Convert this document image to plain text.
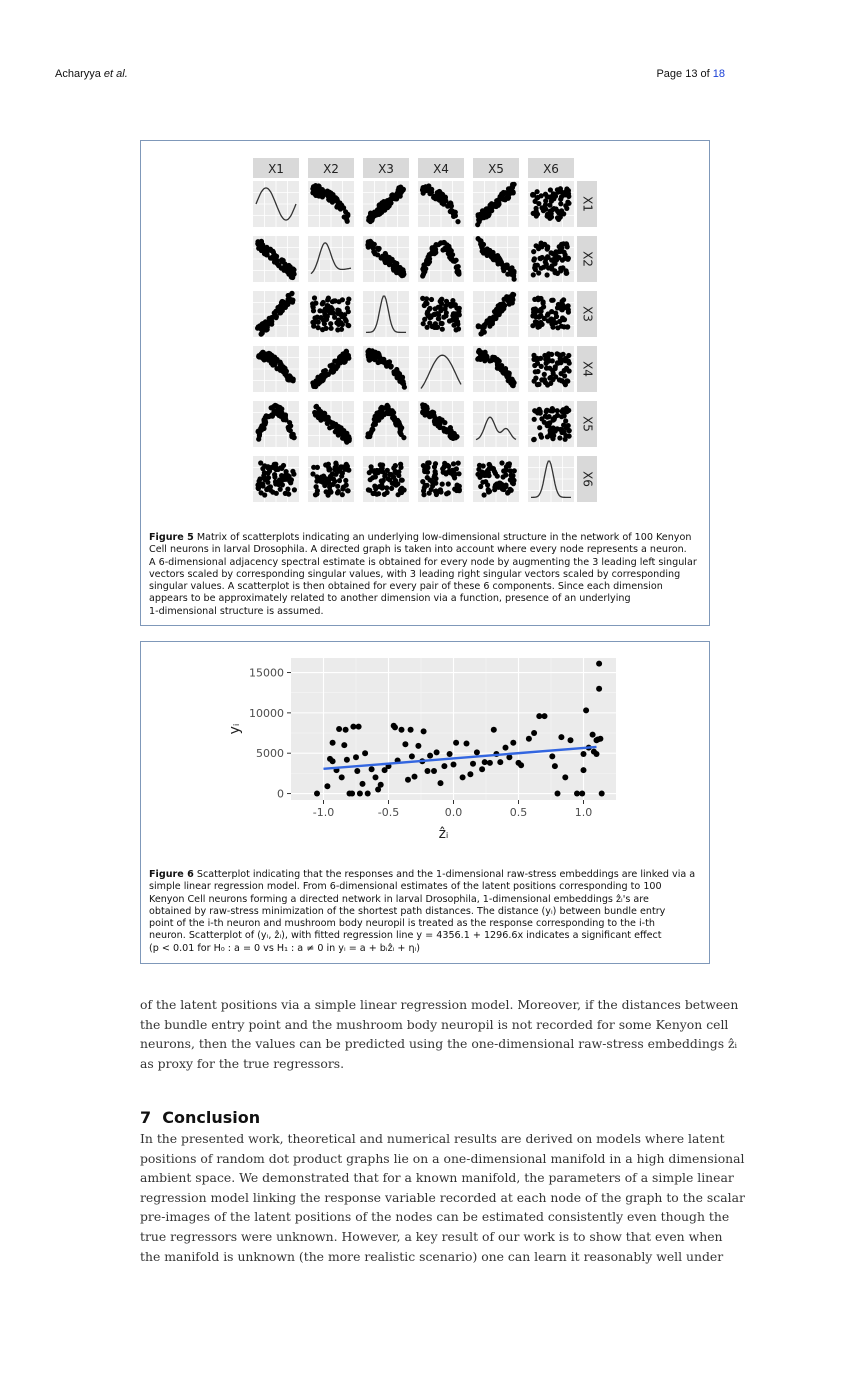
Acharyya et al.	Page 13 of 18
X1	X2	X3	X4	X5	X6
X1
X2
X3
X4
X5
X6
Figure 5 Matrix of scatterplots indicating an underlying low-dimensional structure in the network of 100 Kenyon
Cell neurons in larval Drosophila. A directed graph is taken into account where every node represents a neuron.
A 6-dimensional adjacency spectral estimate is obtained for every node by augmenting the 3 leading left singular
vectors scaled by corresponding singular values, with 3 leading right singular vectors scaled by corresponding
singular values. A scatterplot is then obtained for every pair of these 6 components. Since each dimension
appears to be approximately related to another dimension via a function, presence of an underlying
1-dimensional structure is assumed.
-1.0	-0.5	0.0	0.5	1.0
0
5000
10000
15000
ẑᵢ
yᵢ
Figure 6 Scatterplot indicating that the responses and the 1-dimensional raw-stress embeddings are linked via a
simple linear regression model. From 6-dimensional estimates of the latent positions corresponding to 100
Kenyon Cell neurons forming a directed network in larval Drosophila, 1-dimensional embeddings ẑᵢ's are
obtained by raw-stress minimization of the shortest path distances. The distance (yᵢ) between bundle entry
point of the i-th neuron and mushroom body neuropil is treated as the response corresponding to the i-th
neuron. Scatterplot of (yᵢ, ẑᵢ), with fitted regression line y = 4356.1 + 1296.6x indicates a significant effect
(p < 0.01 for H₀ : a = 0 vs H₁ : a ≠ 0 in yᵢ = a + bᵢẑᵢ + ηᵢ)
of the latent positions via a simple linear regression model. Moreover, if the distances between
the bundle entry point and the mushroom body neuropil is not recorded for some Kenyon cell
neurons, then the values can be predicted using the one-dimensional raw-stress embeddings ẑᵢ
as proxy for the true regressors.
7 Conclusion
In the presented work, theoretical and numerical results are derived on models where latent
positions of random dot product graphs lie on a one-dimensional manifold in a high dimensional
ambient space. We demonstrated that for a known manifold, the parameters of a simple linear
regression model linking the response variable recorded at each node of the graph to the scalar
pre-images of the latent positions of the nodes can be estimated consistently even though the
true regressors were unknown. However, a key result of our work is to show that even when
the manifold is unknown (the more realistic scenario) one can learn it reasonably well under
